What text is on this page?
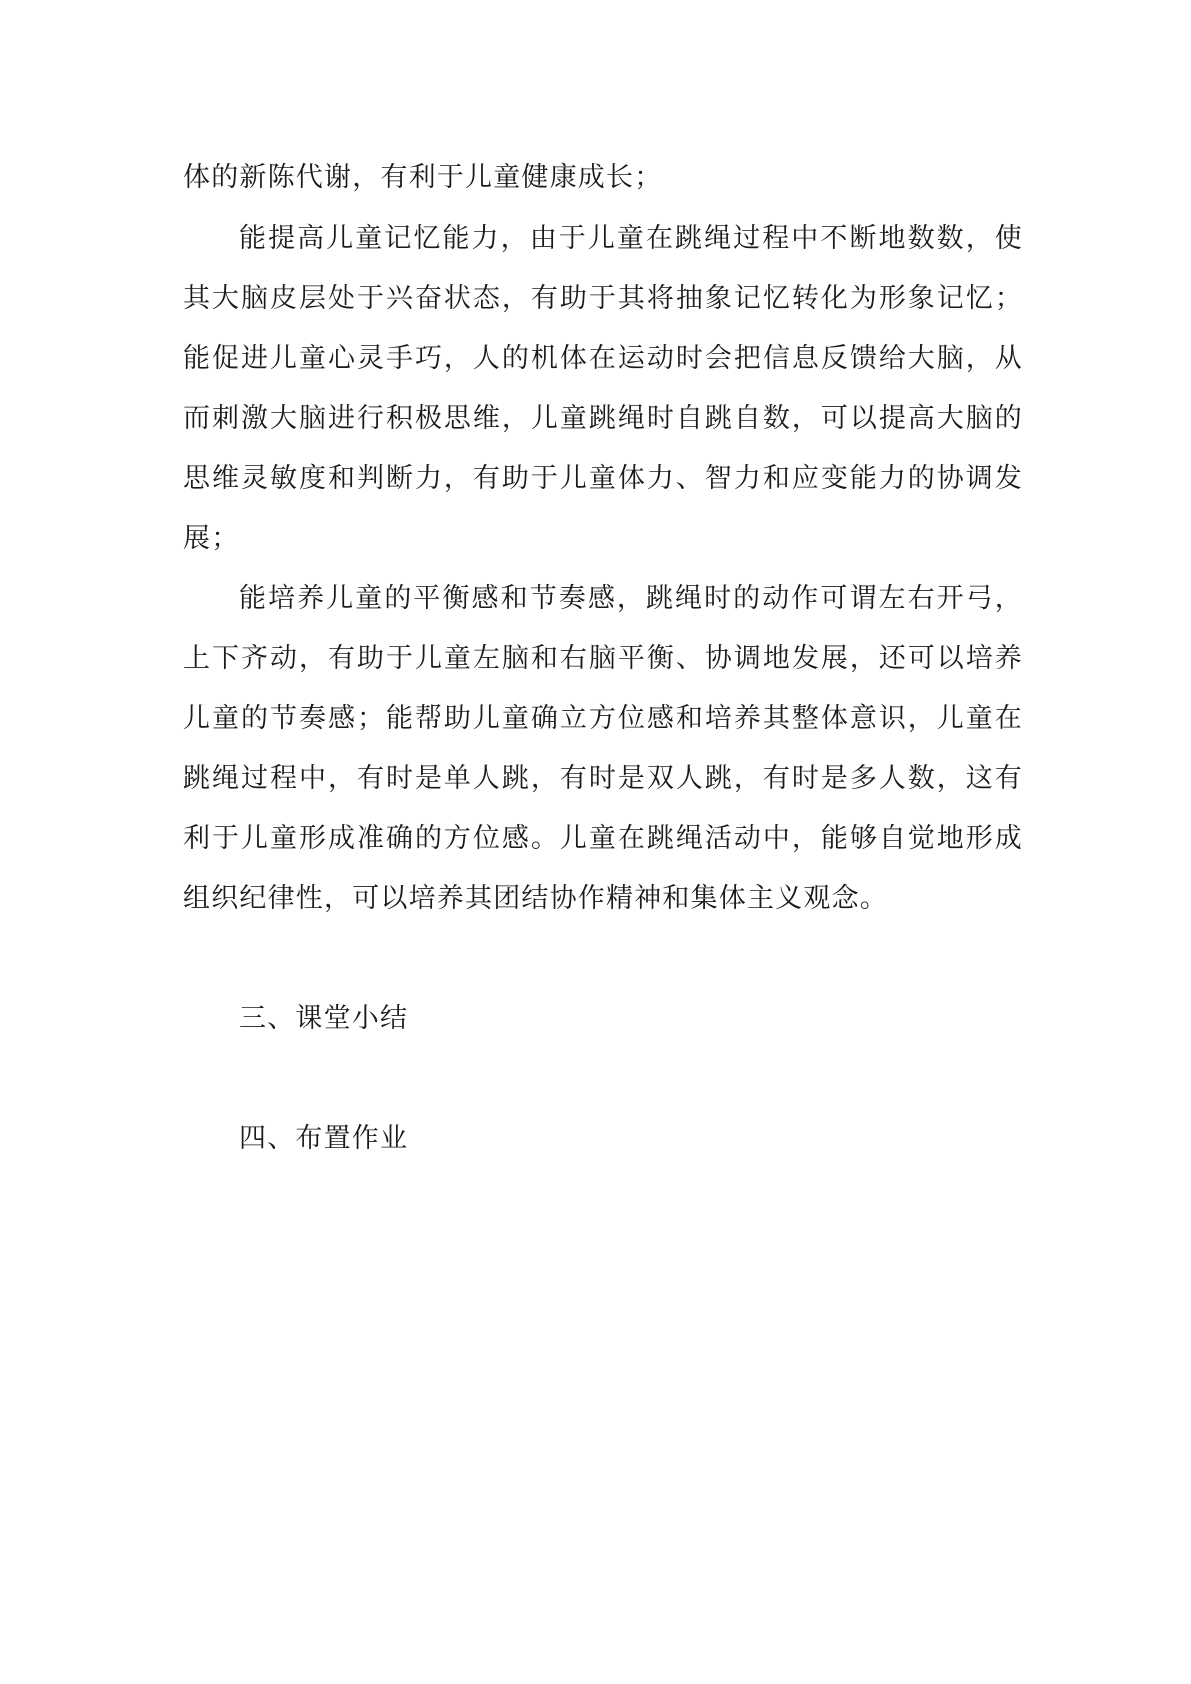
体的新陈代谢，有利于儿童健康成长；
能提高儿童记忆能力，由于儿童在跳绳过程中不断地数数，使
其大脑皮层处于兴奋状态，有助于其将抽象记忆转化为形象记忆；
能促进儿童心灵手巧，人的机体在运动时会把信息反馈给大脑，从
而刺激大脑进行积极思维，儿童跳绳时自跳自数，可以提高大脑的
思维灵敏度和判断力，有助于儿童体力、智力和应变能力的协调发
展；
能培养儿童的平衡感和节奏感，跳绳时的动作可谓左右开弓，
上下齐动，有助于儿童左脑和右脑平衡、协调地发展，还可以培养
儿童的节奏感；能帮助儿童确立方位感和培养其整体意识，儿童在
跳绳过程中，有时是单人跳，有时是双人跳，有时是多人数，这有
利于儿童形成准确的方位感。儿童在跳绳活动中，能够自觉地形成
组织纪律性，可以培养其团结协作精神和集体主义观念。
三、课堂小结
四、布置作业
